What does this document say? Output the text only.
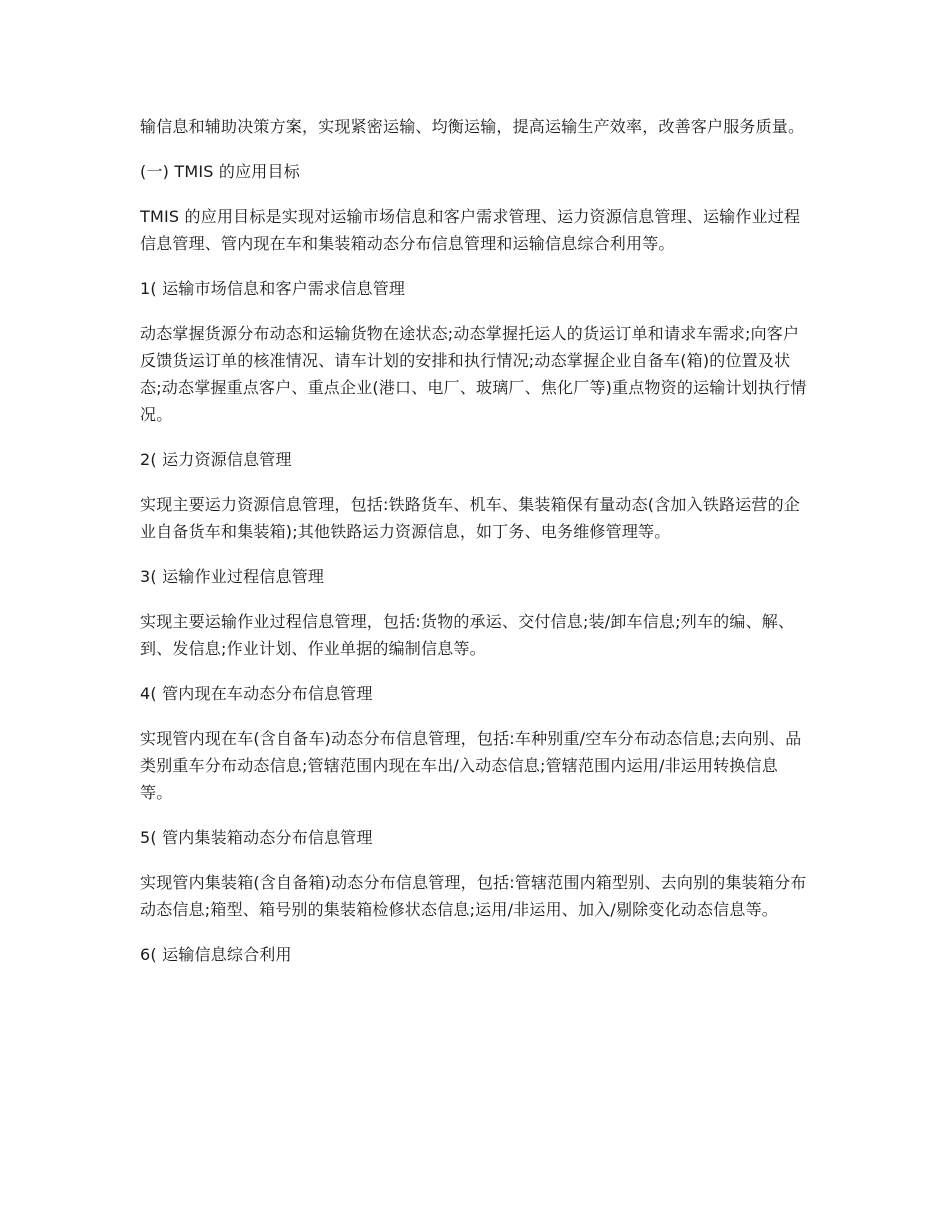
输信息和辅助决策方案，实现紧密运输、均衡运输，提高运输生产效率，改善客户服务质量。

(一) TMIS 的应用目标

TMIS 的应用目标是实现对运输市场信息和客户需求管理、运力资源信息管理、运输作业过程信息管理、管内现在车和集装箱动态分布信息管理和运输信息综合利用等。

1( 运输市场信息和客户需求信息管理

动态掌握货源分布动态和运输货物在途状态;动态掌握托运人的货运订单和请求车需求;向客户反馈货运订单的核准情况、请车计划的安排和执行情况;动态掌握企业自备车(箱)的位置及状态;动态掌握重点客户、重点企业(港口、电厂、玻璃厂、焦化厂等)重点物资的运输计划执行情况。

2( 运力资源信息管理

实现主要运力资源信息管理，包括:铁路货车、机车、集装箱保有量动态(含加入铁路运营的企业自备货车和集装箱);其他铁路运力资源信息，如丁务、电务维修管理等。

3( 运输作业过程信息管理

实现主要运输作业过程信息管理，包括:货物的承运、交付信息;装/卸车信息;列车的编、解、到、发信息;作业计划、作业单据的编制信息等。

4( 管内现在车动态分布信息管理

实现管内现在车(含自备车)动态分布信息管理，包括:车种别重/空车分布动态信息;去向别、品类别重车分布动态信息;管辖范围内现在车出/入动态信息;管辖范围内运用/非运用转换信息等。

5( 管内集装箱动态分布信息管理

实现管内集装箱(含自备箱)动态分布信息管理，包括:管辖范围内箱型别、去向别的集装箱分布动态信息;箱型、箱号别的集装箱检修状态信息;运用/非运用、加入/剔除变化动态信息等。

6( 运输信息综合利用
